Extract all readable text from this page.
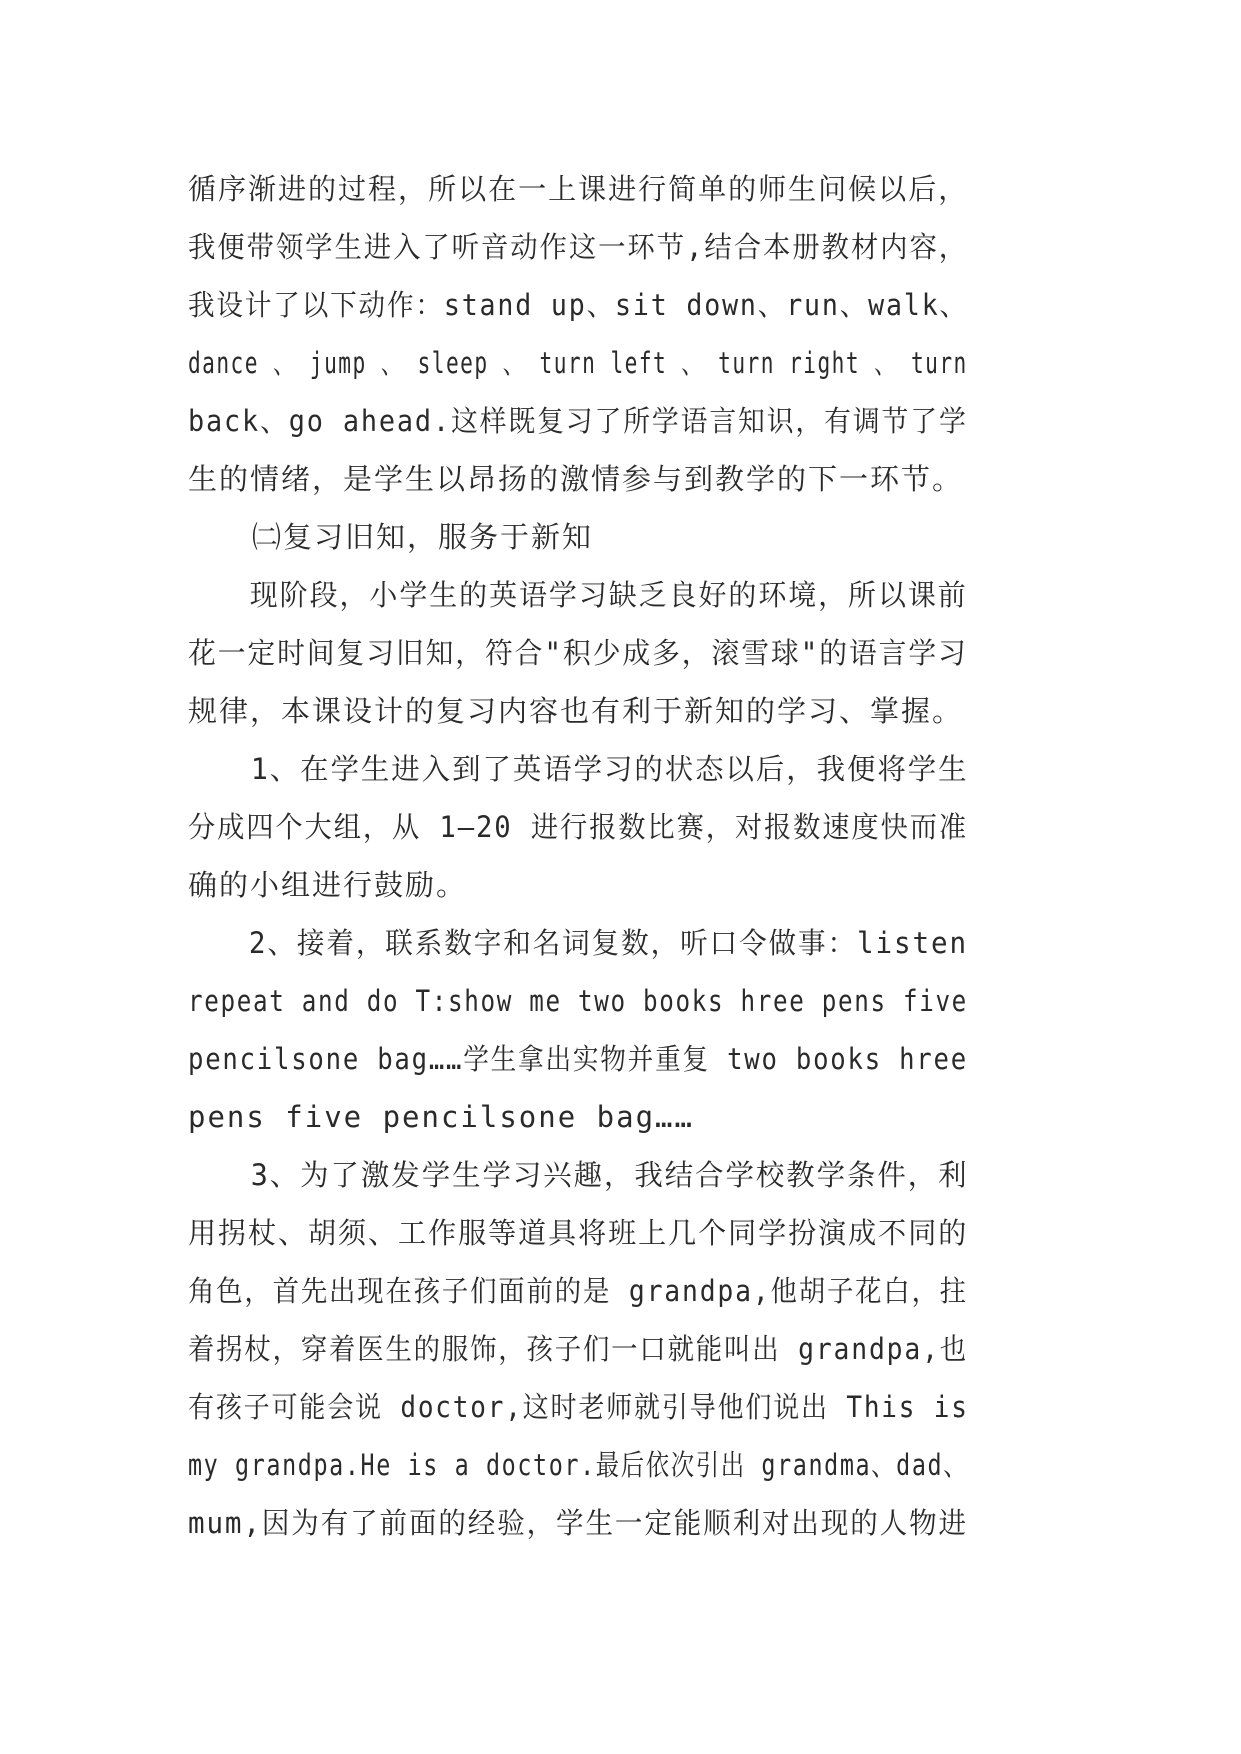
循序渐进的过程，所以在一上课进行简单的师生问候以后，
我便带领学生进入了听音动作这一环节,结合本册教材内容，
我设计了以下动作：stand up、sit down、run、walk、
dance 、 jump 、 sleep 、 turn left 、 turn right 、 turn
back、go ahead.这样既复习了所学语言知识，有调节了学
生的情绪，是学生以昂扬的激情参与到教学的下一环节。
㈡复习旧知，服务于新知
现阶段，小学生的英语学习缺乏良好的环境，所以课前
花一定时间复习旧知，符合"积少成多，滚雪球"的语言学习
规律，本课设计的复习内容也有利于新知的学习、掌握。
1、在学生进入到了英语学习的状态以后，我便将学生
分成四个大组，从 1—20 进行报数比赛，对报数速度快而准
确的小组进行鼓励。
2、接着，联系数字和名词复数，听口令做事：listen
repeat and do T:show me two books hree pens five
pencilsone bag……学生拿出实物并重复 two books hree
pens five pencilsone bag……
3、为了激发学生学习兴趣，我结合学校教学条件，利
用拐杖、胡须、工作服等道具将班上几个同学扮演成不同的
角色，首先出现在孩子们面前的是 grandpa,他胡子花白，拄
着拐杖，穿着医生的服饰，孩子们一口就能叫出 grandpa,也
有孩子可能会说 doctor,这时老师就引导他们说出 This is
my grandpa.He is a doctor.最后依次引出 grandma、dad、
mum,因为有了前面的经验，学生一定能顺利对出现的人物进
